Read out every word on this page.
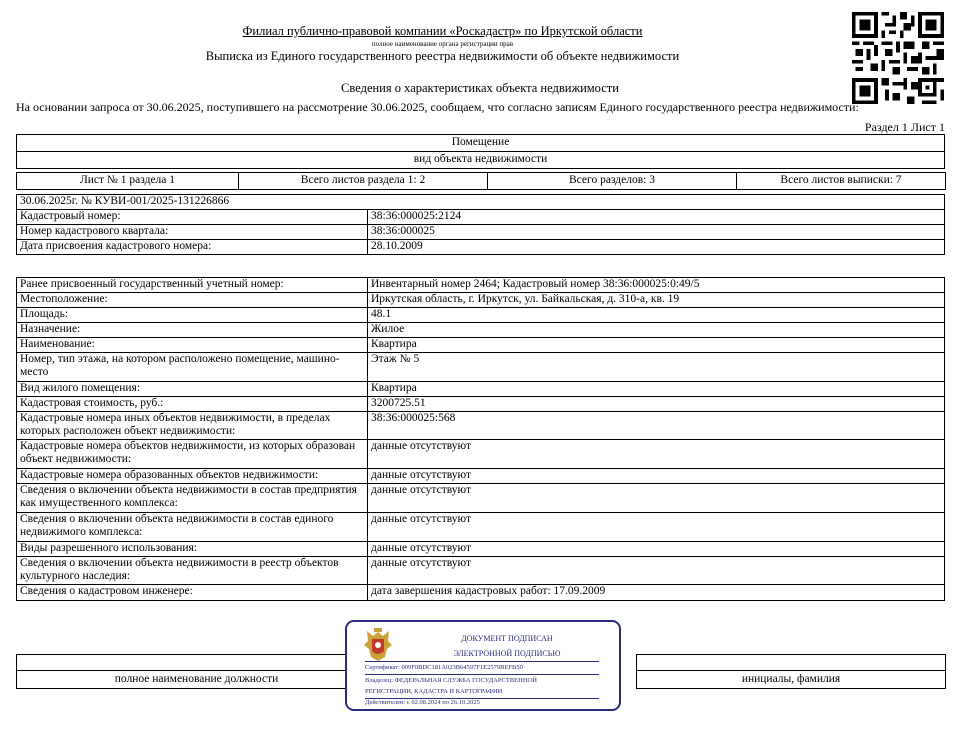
Филиал публично-правовой компании «Роскадастр» по Иркутской области
полное наименование органа регистрации прав
Выписка из Единого государственного реестра недвижимости об объекте недвижимости
Сведения о характеристиках объекта недвижимости
На основании запроса от 30.06.2025, поступившего на рассмотрение 30.06.2025, сообщаем, что согласно записям Единого государственного реестра недвижимости:
Раздел 1 Лист 1
Помещение
вид объекта недвижимости
Лист № 1 раздела 1	Всего листов раздела 1: 2	Всего разделов: 3	Всего листов выписки: 7
30.06.2025г. № КУВИ-001/2025-131226866	
Кадастровый номер:	38:36:000025:2124
Номер кадастрового квартала:	38:36:000025
Дата присвоения кадастрового номера:	28.10.2009
Ранее присвоенный государственный учетный номер:	Инвентарный номер 2464; Кадастровый номер 38:36:000025:0:49/5
Местоположение:	Иркутская область, г. Иркутск, ул. Байкальская, д. 310-а, кв. 19
Площадь:	48.1
Назначение:	Жилое
Наименование:	Квартира
Номер, тип этажа, на котором расположено помещение, машино-место	Этаж № 5
Вид жилого помещения:	Квартира
Кадастровая стоимость, руб.:	3200725.51
Кадастровые номера иных объектов недвижимости, в пределах которых расположен объект недвижимости:	38:36:000025:568
Кадастровые номера объектов недвижимости, из которых образован объект недвижимости:	данные отсутствуют
Кадастровые номера образованных объектов недвижимости:	данные отсутствуют
Сведения о включении объекта недвижимости в состав предприятия как имущественного комплекса:	данные отсутствуют
Сведения о включении объекта недвижимости в состав единого недвижимого комплекса:	данные отсутствуют
Виды разрешенного использования:	данные отсутствуют
Сведения о включении объекта недвижимости в реестр объектов культурного наследия:	данные отсутствуют
Сведения о кадастровом инженере:	дата завершения кадастровых работ: 17.09.2009

полное наименование должности		инициалы, фамилия
ДОКУМЕНТ ПОДПИСАН
ЭЛЕКТРОННОЙ ПОДПИСЬЮ
Сертификат: 009F0BDC181A023B64597F1E2579BEFB50
Владелец: ФЕДЕРАЛЬНАЯ СЛУЖБА ГОСУДАРСТВЕННОЙ
РЕГИСТРАЦИИ, КАДАСТРА И КАРТОГРАФИИ
Действителен: с 02.08.2024 по 26.10.2025
